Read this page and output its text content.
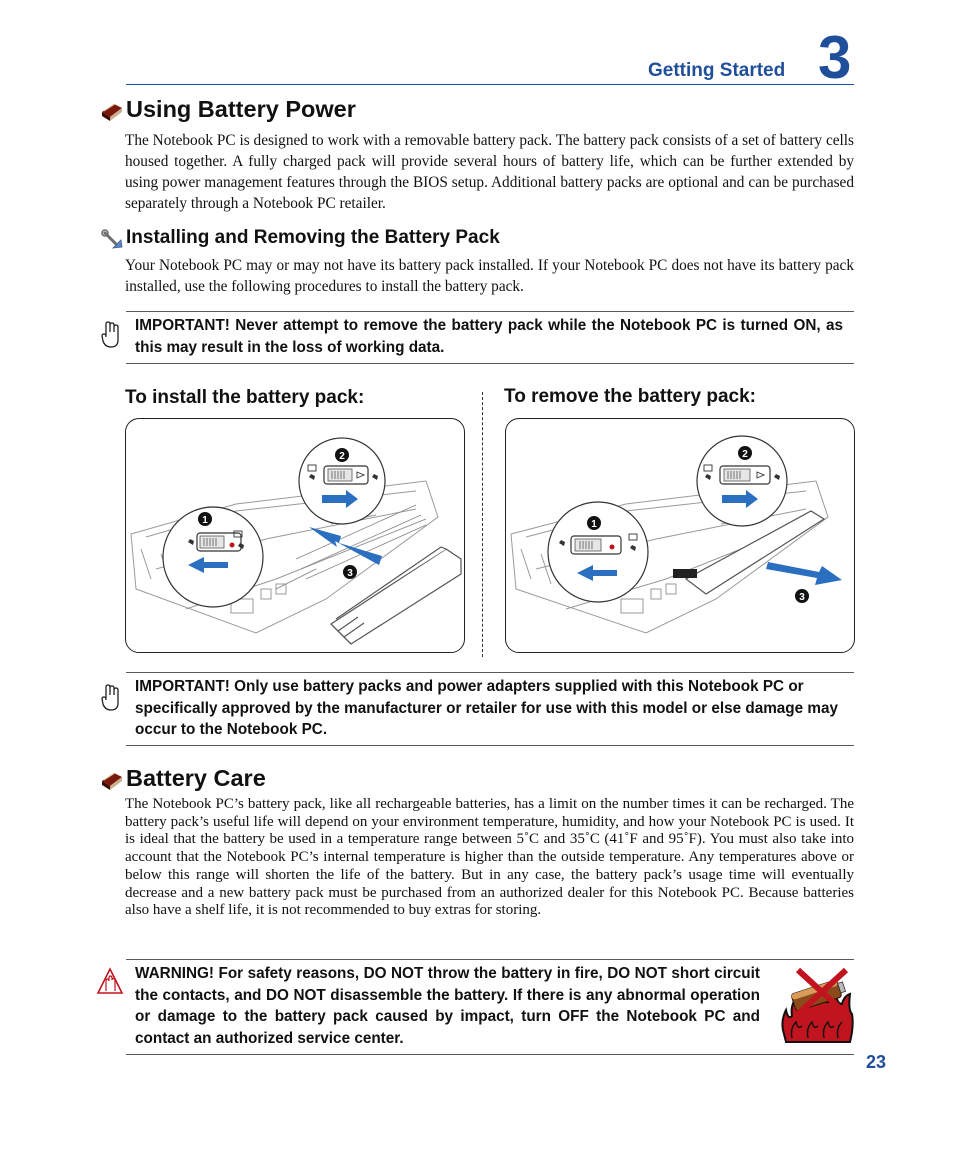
Getting Started 3
Using Battery Power
The Notebook PC is designed to work with a removable battery pack. The battery pack consists of a set of battery cells housed together. A fully charged pack will provide several hours of battery life, which can be further extended by using power management features through the BIOS setup. Additional battery packs are optional and can be purchased separately through a Notebook PC retailer.
Installing and Removing the Battery Pack
Your Notebook PC may or may not have its battery pack installed. If your Notebook PC does not have its battery pack installed, use the following procedures to install the battery pack.
IMPORTANT! Never attempt to remove the battery pack while the Notebook PC is turned ON, as this may result in the loss of working data.
To install the battery pack:	To remove the battery pack:
1
2
3
1
2
3
IMPORTANT! Only use battery packs and power adapters supplied with this Notebook PC or specifically approved by the manufacturer or retailer for use with this model or else damage may occur to the Notebook PC.
Battery Care
The Notebook PC’s battery pack, like all rechargeable batteries, has a limit on the number times it can be recharged. The battery pack’s useful life will depend on your environment temperature, humidity, and how your Notebook PC is used. It is ideal that the battery be used in a temperature range between 5˚C and 35˚C (41˚F and 95˚F). You must also take into account that the Notebook PC’s internal temperature is higher than the outside temperature. Any temperatures above or below this range will shorten the life of the battery. But in any case, the battery pack’s usage time will eventually decrease and a new battery pack must be purchased from an authorized dealer for this Notebook PC. Because batteries also have a shelf life, it is not recommended to buy extras for storing.
WARNING! For safety reasons, DO NOT throw the battery in fire, DO NOT short circuit the contacts, and DO NOT disassemble the battery. If there is any abnormal operation or damage to the battery pack caused by impact, turn OFF the Notebook PC and contact an authorized service center.
23
